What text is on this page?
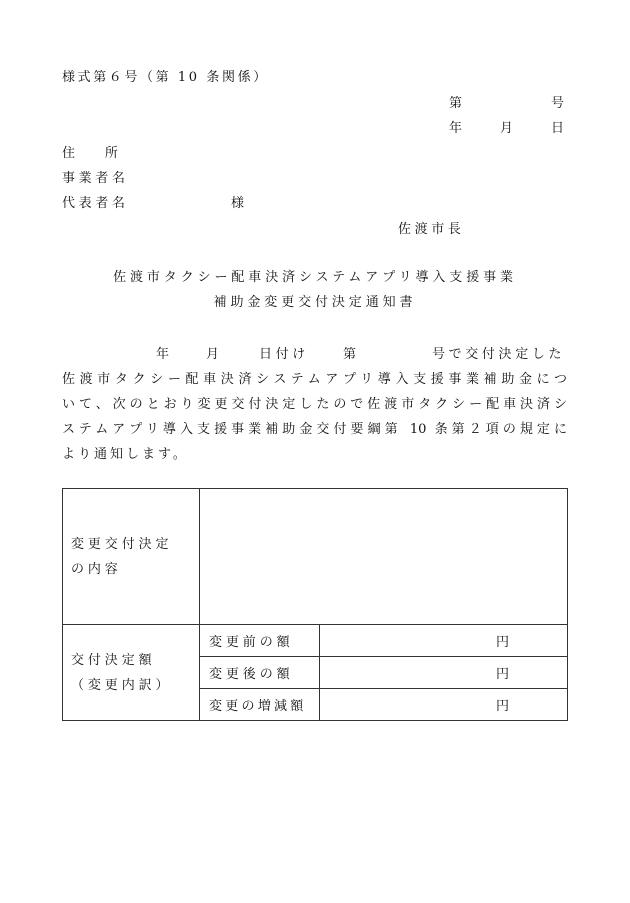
様式第６号（第 10 条関係）
第	号
年	月	日
住　　所
事業者名
代表者名	様
佐渡市長
佐渡市タクシー配車決済システムアプリ導入支援事業
補助金変更交付決定通知書
年	月	日付け	第	号で交付決定した
佐渡市タクシー配車決済システムアプリ導入支援事業補助金につ
いて、次のとおり変更交付決定したので佐渡市タクシー配車決済シ
ステムアプリ導入支援事業補助金交付要綱第 10 条第２項の規定に
より通知します。
変更交付決定
の内容		

交付決定額
（変更内訳）	変更前の額	円
	変更後の額	円
	変更の増減額	円
